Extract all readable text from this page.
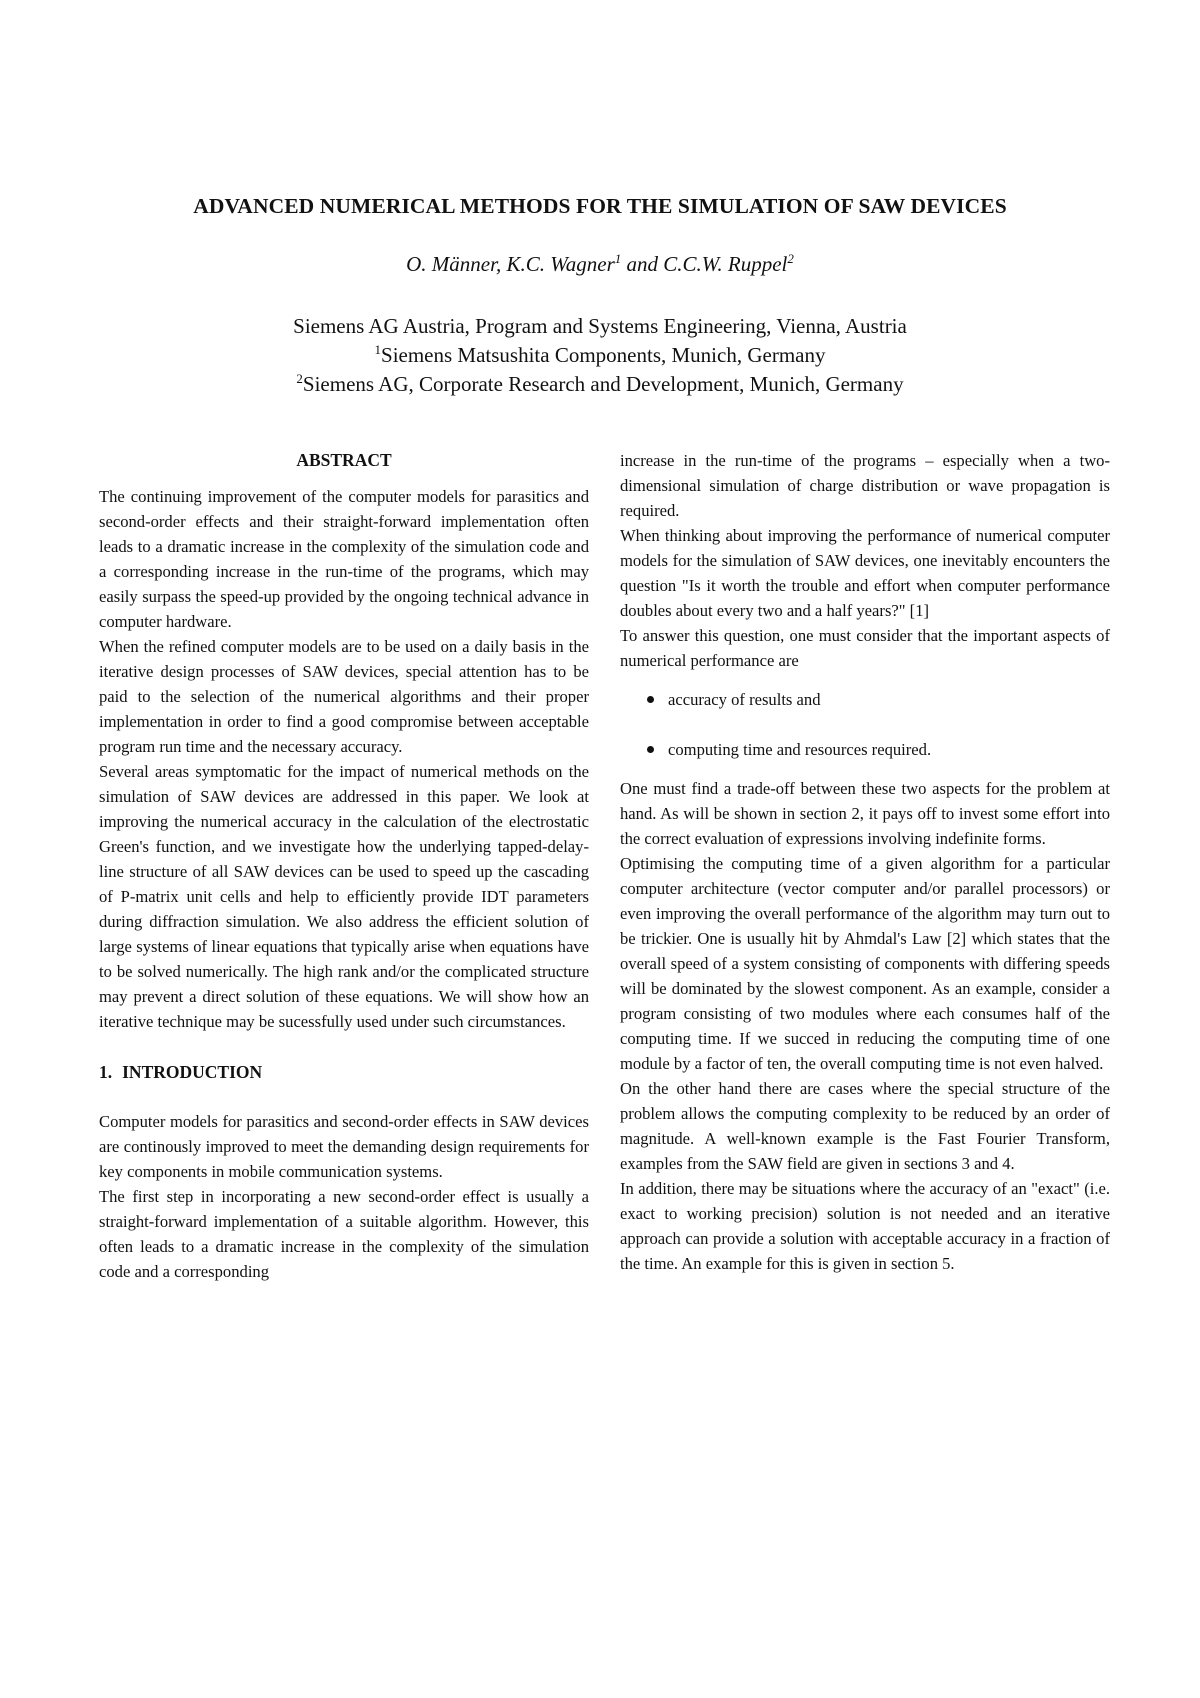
ADVANCED NUMERICAL METHODS FOR THE SIMULATION OF SAW DEVICES
O. Männer, K.C. Wagner$^1$ and C.C.W. Ruppel$^2$
Siemens AG Austria, Program and Systems Engineering, Vienna, Austria
$^1$Siemens Matsushita Components, Munich, Germany
$^2$Siemens AG, Corporate Research and Development, Munich, Germany
ABSTRACT

The continuing improvement of the computer models for parasitics and second-order effects and their straight-forward implementation often leads to a dramatic increase in the complexity of the simulation code and a corresponding increase in the run-time of the programs, which may easily surpass the speed-up provided by the ongoing technical advance in computer hardware.

When the refined computer models are to be used on a daily basis in the iterative design processes of SAW devices, special attention has to be paid to the selection of the numerical algorithms and their proper implementation in order to find a good compromise between acceptable program run time and the necessary accuracy.

Several areas symptomatic for the impact of numerical methods on the simulation of SAW devices are addressed in this paper. We look at improving the numerical accuracy in the calculation of the electrostatic Green's function, and we investigate how the underlying tapped-delay-line structure of all SAW devices can be used to speed up the cascading of P-matrix unit cells and help to efficiently provide IDT parameters during diffraction simulation. We also address the efficient solution of large systems of linear equations that typically arise when equations have to be solved numerically. The high rank and/or the complicated structure may prevent a direct solution of these equations. We will show how an iterative technique may be sucessfully used under such circumstances.

1. INTRODUCTION

Computer models for parasitics and second-order effects in SAW devices are continously improved to meet the demanding design requirements for key components in mobile communication systems.

The first step in incorporating a new second-order effect is usually a straight-forward implementation of a suitable algorithm. However, this often leads to a dramatic increase in the complexity of the simulation code and a corresponding

increase in the run-time of the programs – especially when a two-dimensional simulation of charge distribution or wave propagation is required.

When thinking about improving the performance of numerical computer models for the simulation of SAW devices, one inevitably encounters the question "Is it worth the trouble and effort when computer performance doubles about every two and a half years?" [1]

To answer this question, one must consider that the important aspects of numerical performance are

accuracy of results and
computing time and resources required.

One must find a trade-off between these two aspects for the problem at hand. As will be shown in section 2, it pays off to invest some effort into the correct evaluation of expressions involving indefinite forms.

Optimising the computing time of a given algorithm for a particular computer architecture (vector computer and/or parallel processors) or even improving the overall performance of the algorithm may turn out to be trickier. One is usually hit by Ahmdal's Law [2] which states that the overall speed of a system consisting of components with differing speeds will be dominated by the slowest component. As an example, consider a program consisting of two modules where each consumes half of the computing time. If we succed in reducing the computing time of one module by a factor of ten, the overall computing time is not even halved.

On the other hand there are cases where the special structure of the problem allows the computing complexity to be reduced by an order of magnitude. A well-known example is the Fast Fourier Transform, examples from the SAW field are given in sections 3 and 4.

In addition, there may be situations where the accuracy of an "exact" (i.e. exact to working precision) solution is not needed and an iterative approach can provide a solution with acceptable accuracy in a fraction of the time. An example for this is given in section 5.
